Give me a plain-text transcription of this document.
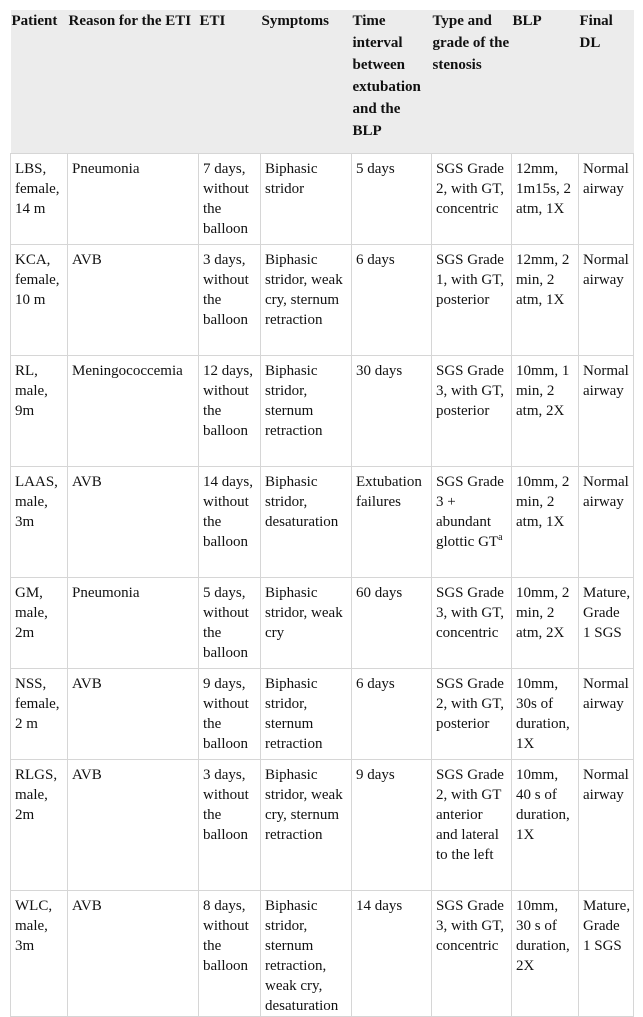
Patient	Reason for the ETI	ETI	Symptoms	Time interval between extubation and the BLP	Type and grade of the stenosis	BLP	Final DL
LBS, female, 14 m	Pneumonia	7 days, without the balloon	Biphasic stridor	5 days	SGS Grade 2, with GT, concentric	12mm, 1m15s, 2 atm, 1X	Normal airway
KCA, female, 10 m	AVB	3 days, without the balloon	Biphasic stridor, weak cry, sternum retraction	6 days	SGS Grade 1, with GT, posterior	12mm, 2 min, 2 atm, 1X	Normal airway
RL, male, 9m	Meningococcemia	12 days, without the balloon	Biphasic stridor, sternum retraction	30 days	SGS Grade 3, with GT, posterior	10mm, 1 min, 2 atm, 2X	Normal airway
LAAS, male, 3m	AVB	14 days, without the balloon	Biphasic stridor, desaturation	Extubation failures	SGS Grade 3 + abundant glottic $GT^a$	10mm, 2 min, 2 atm, 1X	Normal airway
GM, male, 2m	Pneumonia	5 days, without the balloon	Biphasic stridor, weak cry	60 days	SGS Grade 3, with GT, concentric	10mm, 2 min, 2 atm, 2X	Mature, Grade 1 SGS
NSS, female, 2 m	AVB	9 days, without the balloon	Biphasic stridor, sternum retraction	6 days	SGS Grade 2, with GT, posterior	10mm, 30s of duration, 1X	Normal airway
RLGS, male, 2m	AVB	3 days, without the balloon	Biphasic stridor, weak cry, sternum retraction	9 days	SGS Grade 2, with GT anterior and lateral to the left	10mm, 40 s of duration, 1X	Normal airway
WLC, male, 3m	AVB	8 days, without the balloon	Biphasic stridor, sternum retraction, weak cry, desaturation	14 days	SGS Grade 3, with GT, concentric	10mm, 30 s of duration, 2X	Mature, Grade 1 SGS
